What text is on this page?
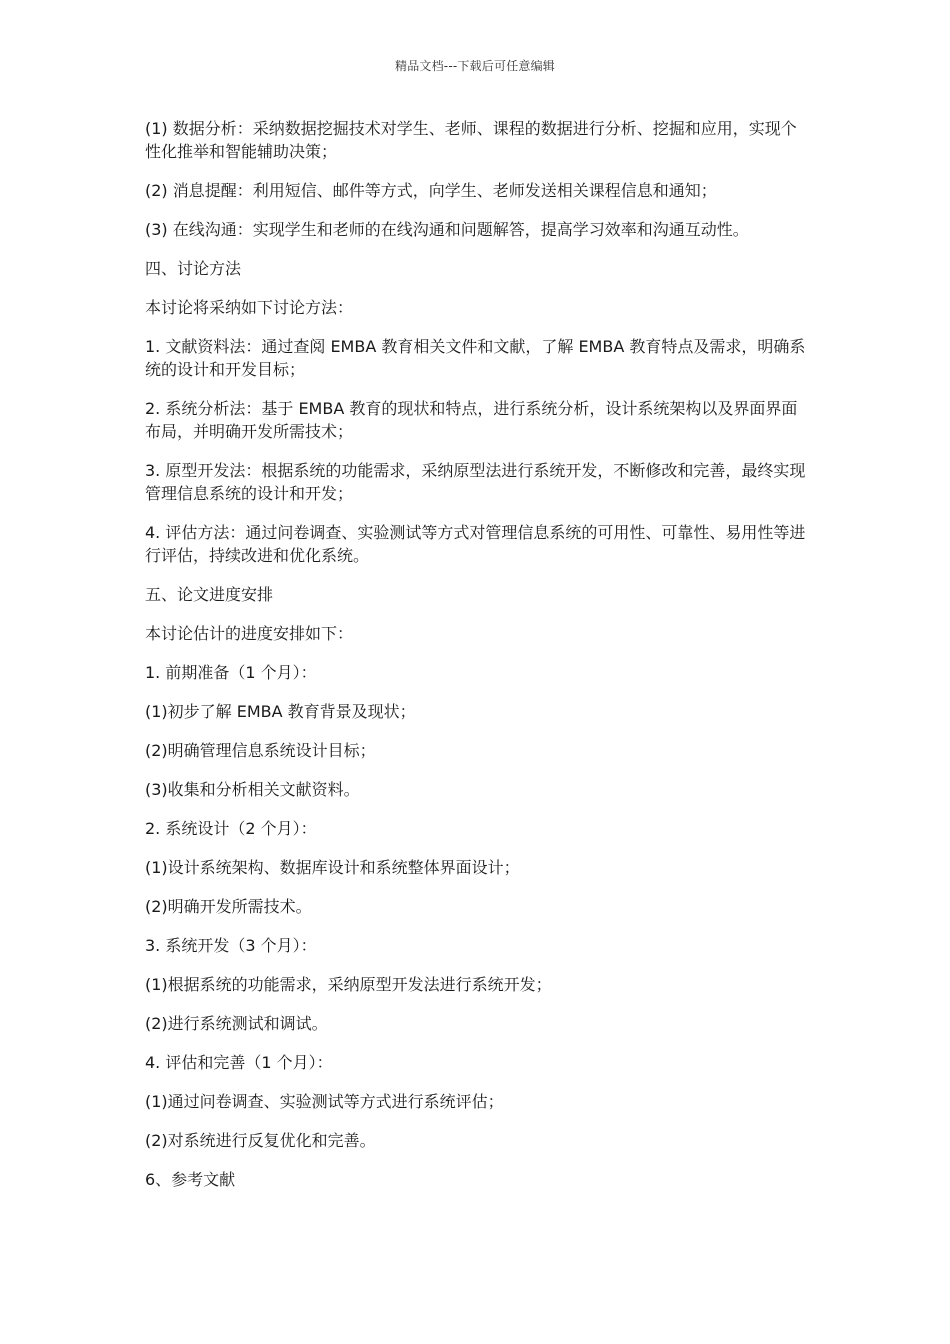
精品文档---下载后可任意编辑

(1) 数据分析：采纳数据挖掘技术对学生、老师、课程的数据进行分析、挖掘和应用，实现个性化推举和智能辅助决策；

(2) 消息提醒：利用短信、邮件等方式，向学生、老师发送相关课程信息和通知；

(3) 在线沟通：实现学生和老师的在线沟通和问题解答，提高学习效率和沟通互动性。

四、讨论方法

本讨论将采纳如下讨论方法：

1. 文献资料法：通过查阅 EMBA 教育相关文件和文献，了解 EMBA 教育特点及需求，明确系统的设计和开发目标；

2. 系统分析法：基于 EMBA 教育的现状和特点，进行系统分析，设计系统架构以及界面界面布局，并明确开发所需技术；

3. 原型开发法：根据系统的功能需求，采纳原型法进行系统开发，不断修改和完善，最终实现管理信息系统的设计和开发；

4. 评估方法：通过问卷调查、实验测试等方式对管理信息系统的可用性、可靠性、易用性等进行评估，持续改进和优化系统。

五、论文进度安排

本讨论估计的进度安排如下：

1. 前期准备（1 个月）：

(1)初步了解 EMBA 教育背景及现状；

(2)明确管理信息系统设计目标；

(3)收集和分析相关文献资料。

2. 系统设计（2 个月）：

(1)设计系统架构、数据库设计和系统整体界面设计；

(2)明确开发所需技术。

3. 系统开发（3 个月）：

(1)根据系统的功能需求，采纳原型开发法进行系统开发；

(2)进行系统测试和调试。

4. 评估和完善（1 个月）：

(1)通过问卷调查、实验测试等方式进行系统评估；

(2)对系统进行反复优化和完善。

6、参考文献
